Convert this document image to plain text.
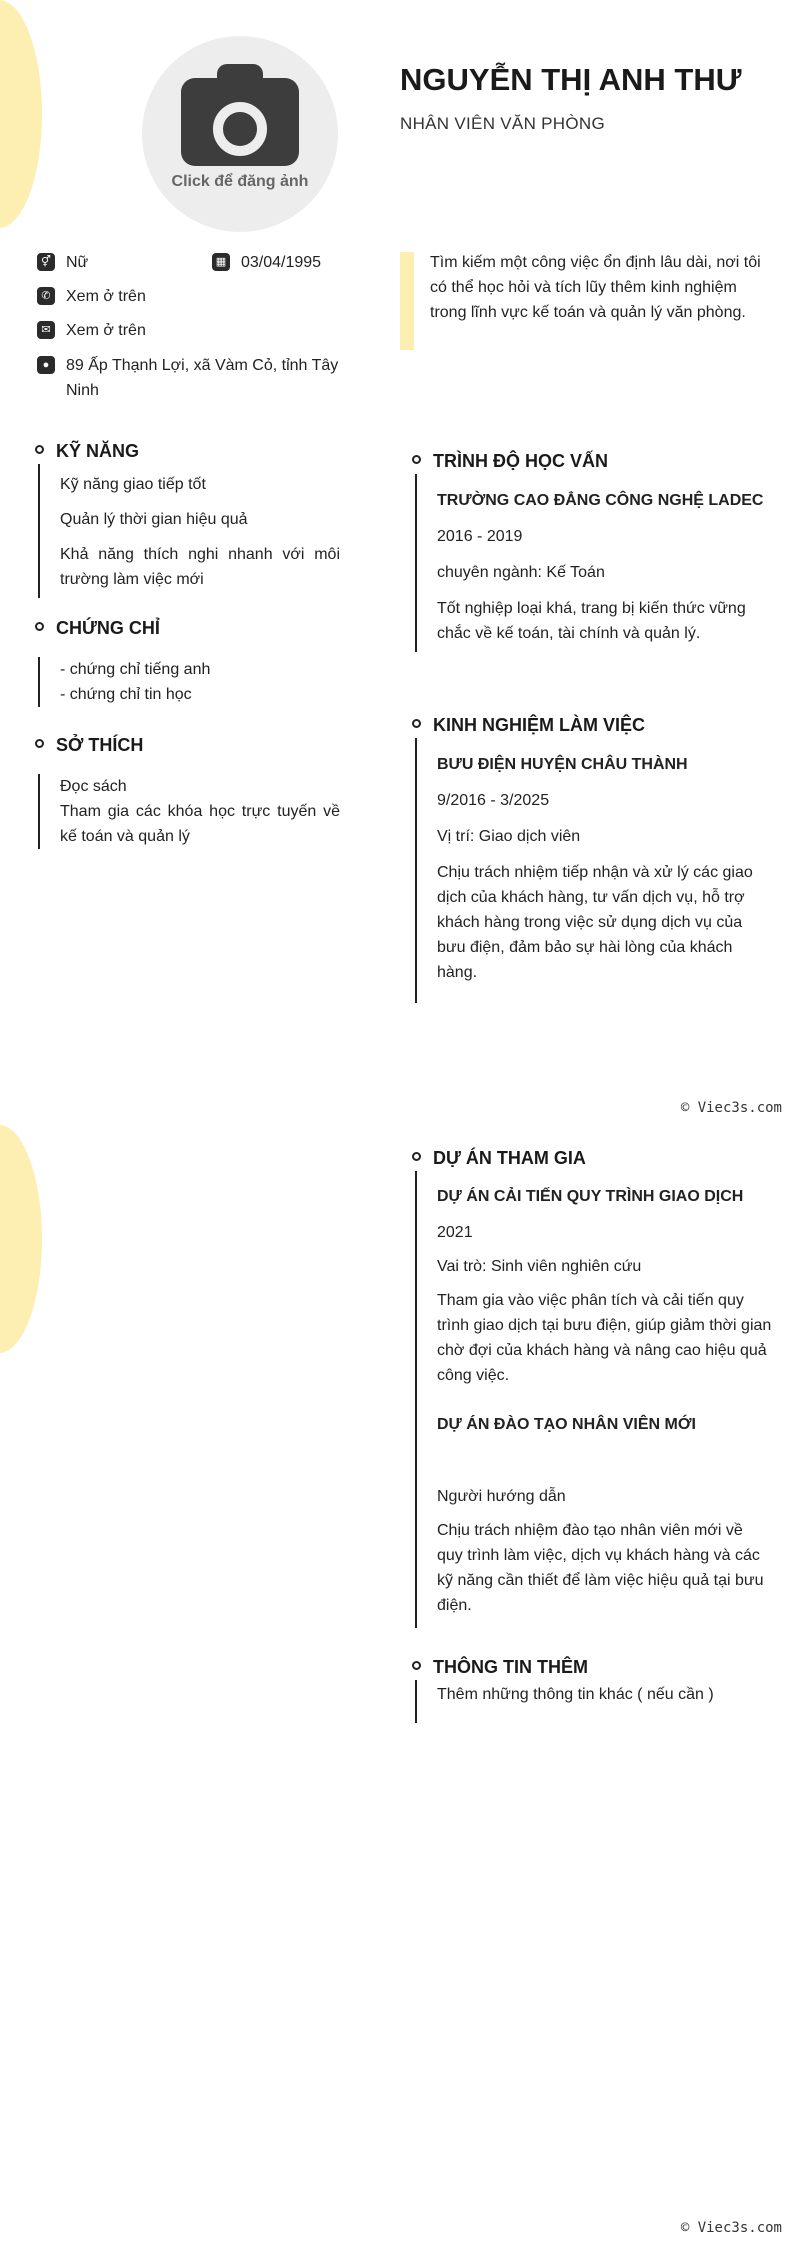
Click để đăng ảnh
NGUYỄN THỊ ANH THƯ
NHÂN VIÊN VĂN PHÒNG
⚥ Nữ	▦ 03/04/1995
✆ Xem ở trên
✉ Xem ở trên
●	89 Ấp Thạnh Lợi, xã Vàm Cỏ, tỉnh Tây Ninh
Tìm kiếm một công việc ổn định lâu dài, nơi tôi có thể học hỏi và tích lũy thêm kinh nghiệm trong lĩnh vực kế toán và quản lý văn phòng.
KỸ NĂNG

Kỹ năng giao tiếp tốt

Quản lý thời gian hiệu quả

Khả năng thích nghi nhanh với môi trường làm việc mới

CHỨNG CHỈ

- chứng chỉ tiếng anh

- chứng chỉ tin học

SỞ THÍCH

Đọc sách

Tham gia các khóa học trực tuyến về kế toán và quản lý

TRÌNH ĐỘ HỌC VẤN

TRƯỜNG CAO ĐẲNG CÔNG NGHỆ LADEC

2016 - 2019

chuyên ngành: Kế Toán

Tốt nghiệp loại khá, trang bị kiến thức vững chắc về kế toán, tài chính và quản lý.

KINH NGHIỆM LÀM VIỆC

BƯU ĐIỆN HUYỆN CHÂU THÀNH

9/2016 - 3/2025

Vị trí: Giao dịch viên

Chịu trách nhiệm tiếp nhận và xử lý các giao dịch của khách hàng, tư vấn dịch vụ, hỗ trợ khách hàng trong việc sử dụng dịch vụ của bưu điện, đảm bảo sự hài lòng của khách hàng.

© Viec3s.com
DỰ ÁN THAM GIA

DỰ ÁN CẢI TIẾN QUY TRÌNH GIAO DỊCH

2021

Vai trò: Sinh viên nghiên cứu

Tham gia vào việc phân tích và cải tiến quy trình giao dịch tại bưu điện, giúp giảm thời gian chờ đợi của khách hàng và nâng cao hiệu quả công việc.

DỰ ÁN ĐÀO TẠO NHÂN VIÊN MỚI

Người hướng dẫn

Chịu trách nhiệm đào tạo nhân viên mới về quy trình làm việc, dịch vụ khách hàng và các kỹ năng cần thiết để làm việc hiệu quả tại bưu điện.

THÔNG TIN THÊM

Thêm những thông tin khác ( nếu cần )

© Viec3s.com
